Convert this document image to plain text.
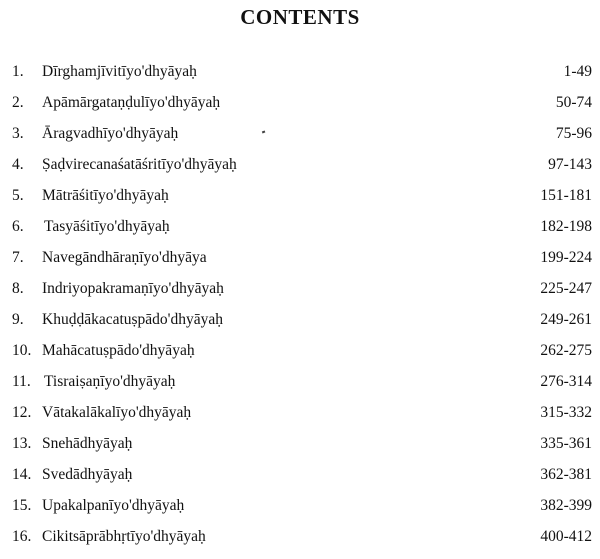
CONTENTS
1. Dīrghamjīvitīyo'dhyāyaḥ	1-49
2. Apāmārgataṇḍulīyo'dhyāyaḥ	50-74
3. Āragvadhīyo'dhyāyaḥ	75-96
4. Ṣaḍvirecanaśatāśritīyo'dhyāyaḥ	97-143
5. Mātrāśitīyo'dhyāyaḥ	151-181
6. Tasyāśitīyo'dhyāyaḥ	182-198
7. Navegāndhāraṇīyo'dhyāya	199-224
8. Indriyopakramaṇīyo'dhyāyaḥ	225-247
9. Khuḍḍākacatuṣpādo'dhyāyaḥ	249-261
10. Mahācatuṣpādo'dhyāyaḥ	262-275
11. Tisraiṣaṇīyo'dhyāyaḥ	276-314
12. Vātakalākalīyo'dhyāyaḥ	315-332
13. Snehādhyāyaḥ	335-361
14. Svedādhyāyaḥ	362-381
15. Upakalpanīyo'dhyāyaḥ	382-399
16. Cikitsāprābhṛtīyo'dhyāyaḥ	400-412
